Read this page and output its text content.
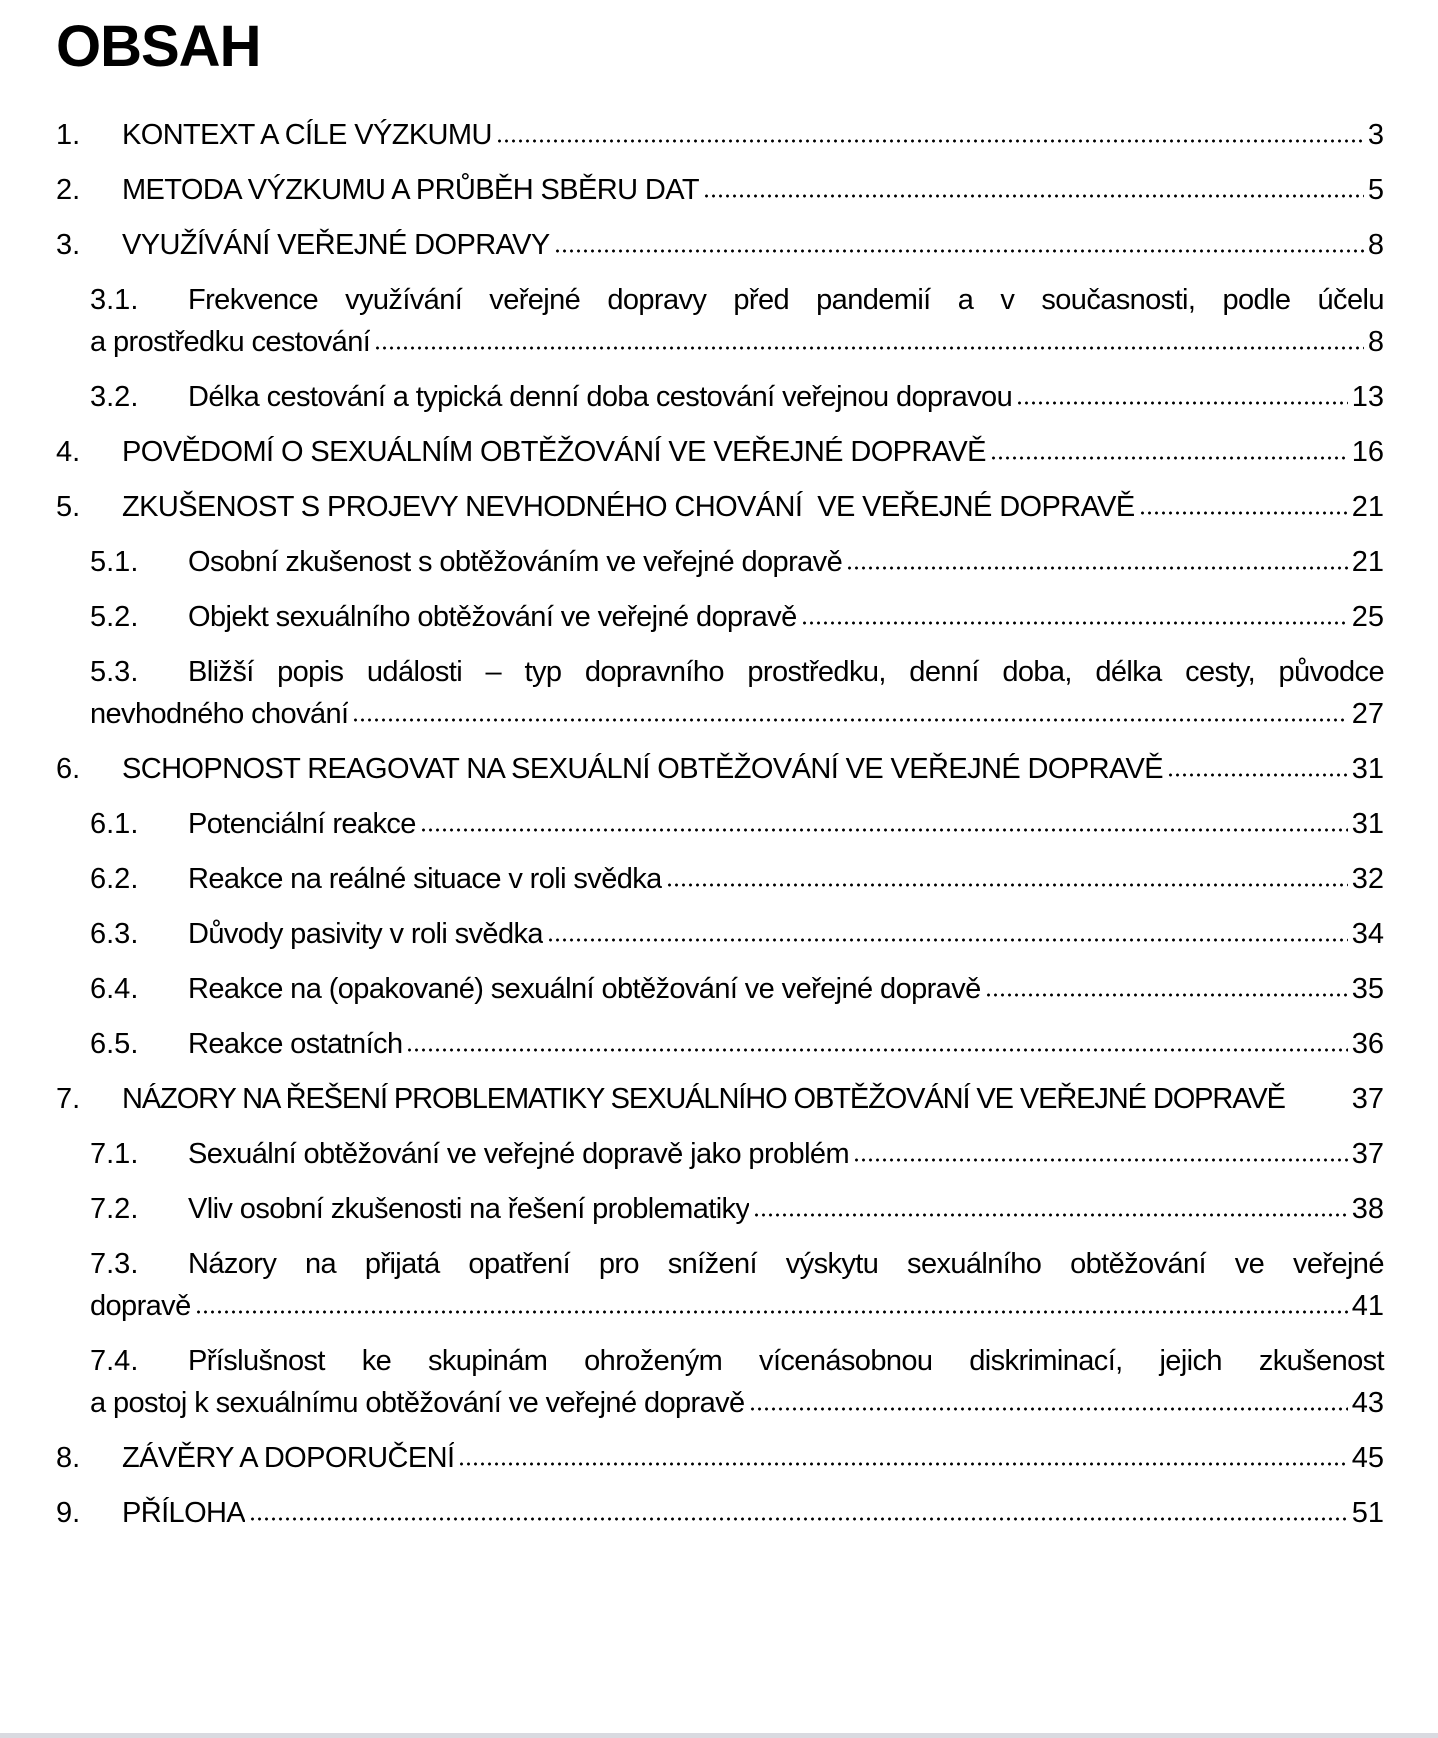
OBSAH
1.	KONTEXT A CÍLE VÝZKUMU	3
2.	METODA VÝZKUMU A PRŮBĚH SBĚRU DAT	5
3.	VYUŽÍVÁNÍ VEŘEJNÉ DOPRAVY	8
3.1.	Frekvence využívání veřejné dopravy před pandemií a v současnosti, podle účelu
a prostředku cestování	8
3.2.	Délka cestování a typická denní doba cestování veřejnou dopravou	13
4.	POVĚDOMÍ O SEXUÁLNÍM OBTĚŽOVÁNÍ VE VEŘEJNÉ DOPRAVĚ	16
5.	ZKUŠENOST S PROJEVY NEVHODNÉHO CHOVÁNÍ  VE VEŘEJNÉ DOPRAVĚ	21
5.1.	Osobní zkušenost s obtěžováním ve veřejné dopravě	21
5.2.	Objekt sexuálního obtěžování ve veřejné dopravě	25
5.3.	Bližší popis události – typ dopravního prostředku, denní doba, délka cesty, původce
nevhodného chování	27
6.	SCHOPNOST REAGOVAT NA SEXUÁLNÍ OBTĚŽOVÁNÍ VE VEŘEJNÉ DOPRAVĚ	31
6.1.	Potenciální reakce	31
6.2.	Reakce na reálné situace v roli svědka	32
6.3.	Důvody pasivity v roli svědka	34
6.4.	Reakce na (opakované) sexuální obtěžování ve veřejné dopravě	35
6.5.	Reakce ostatních	36
7.	NÁZORY NA ŘEŠENÍ PROBLEMATIKY SEXUÁLNÍHO OBTĚŽOVÁNÍ VE VEŘEJNÉ DOPRAVĚ 37
7.1.	Sexuální obtěžování ve veřejné dopravě jako problém	37
7.2.	Vliv osobní zkušenosti na řešení problematiky	38
7.3.	Názory na přijatá opatření pro snížení výskytu sexuálního obtěžování ve veřejné
dopravě	41
7.4.	Příslušnost ke skupinám ohroženým vícenásobnou diskriminací, jejich zkušenost
a postoj k sexuálnímu obtěžování ve veřejné dopravě	43
8.	ZÁVĚRY A DOPORUČENÍ	45
9.	PŘÍLOHA	51
